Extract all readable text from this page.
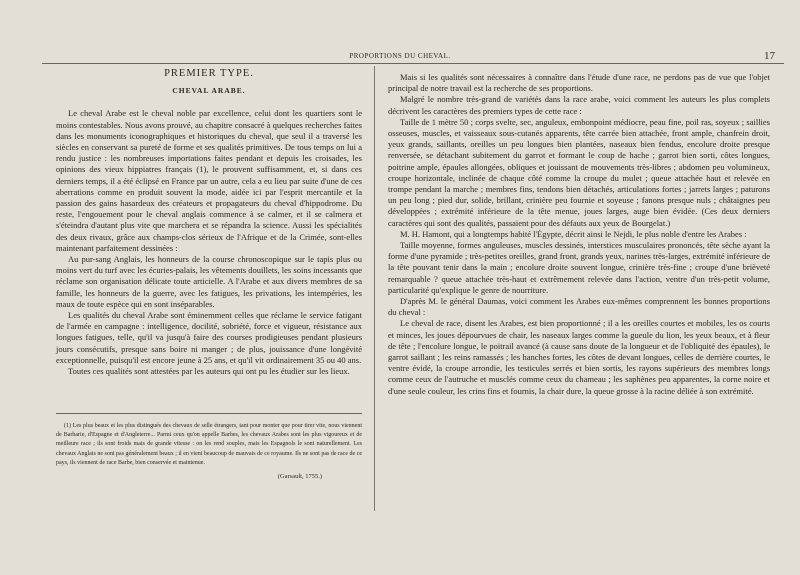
PROPORTIONS DU CHEVAL.	17
PREMIER TYPE.
CHEVAL ARABE.

Le cheval Arabe est le cheval noble par excellence, celui dont les quartiers sont le moins contestables. Nous avons prouvé, au chapitre consacré à quelques recherches faites dans les monuments iconographiques et historiques du cheval, que seul il a traversé les siècles en conservant sa pureté de forme et ses qualités primitives. De tous temps on lui a rendu justice : les nombreuses importations faites pendant et depuis les croisades, les opinions des vieux hippiatres français (1), le prouvent suffisamment, et, si dans ces derniers temps, il a été éclipsé en France par un autre, cela a eu lieu par suite d'une de ces aberrations comme en produit souvent la mode, aidée ici par l'esprit mercantile et la passion des gains hasardeux des créateurs et propagateurs du cheval d'hippodrome. Du reste, l'engouement pour le cheval anglais commence à se calmer, et il se calmera et s'éteindra d'autant plus vite que marchera et se répandra la science. Aussi les spécialités des deux rivaux, grâce aux champs-clos sérieux de l'Afrique et de la Crimée, sont-elles maintenant parfaitement dessinées :

Au pur-sang Anglais, les honneurs de la course chronoscopique sur le tapis plus ou moins vert du turf avec les écuries-palais, les vêtements douillets, les soins incessants que réclame son organisation délicate toute articielle. A l'Arabe et aux divers membres de sa famille, les honneurs de la guerre, avec les fatigues, les privations, les intempéries, les maux de toute espèce qui en sont inséparables.

Les qualités du cheval Arabe sont éminemment celles que réclame le service fatigant de l'armée en campagne : intelligence, docilité, sobriété, force et vigueur, résistance aux longues fatigues, telle, qu'il va jusqu'à faire des courses prodigieuses pendant plusieurs jours consécutifs, presque sans boire ni manger ; de plus, jouissance d'une longévité exceptionnelle, puisqu'il est encore jeune à 25 ans, et qu'il vit ordinairement 35 ou 40 ans.

Toutes ces qualités sont attestées par les auteurs qui ont pu les étudier sur les lieux.

(1) Les plus beaux et les plus distingués des chevaux de selle étrangers, tant pour monter que pour tirer vite, nous viennent de Barbarie, d'Espagne et d'Angleterre... Parmi ceux qu'on appelle Barbes, les chevaux Arabes sont les plus vigoureux et de meilleure race ; ils sont froids mais de grande vitesse : on les rend souples, mais les Espagnols le sont naturellement. Les chevaux Anglais ne sont pas généralement beaux ; il en vient beaucoup de mauvais de ce royaume. Ils ne sont pas de race de ce pays, ils viennent de race Barbe, bien conservée et maintenue.

(Garsault, 1755.)

Mais si les qualités sont nécessaires à connaître dans l'étude d'une race, ne perdons pas de vue que l'objet principal de notre travail est la recherche de ses proportions.

Malgré le nombre très-grand de variétés dans la race arabe, voici comment les auteurs les plus complets décrivent les caractères des premiers types de cette race :

Taille de 1 mètre 50 ; corps svelte, sec, anguleux, embonpoint médiocre, peau fine, poil ras, soyeux ; saillies osseuses, muscles, et vaisseaux sous-cutanés apparents, tête carrée bien attachée, front ample, chanfrein droit, yeux grands, saillants, oreilles un peu longues bien plantées, naseaux bien fendus, encolure droite presque renversée, se détachant subitement du garrot et formant le coup de hache ; garrot bien sorti, côtes longues, poitrine ample, épaules allongées, obliques et jouissant de mouvements très-libres ; abdomen peu volumineux, croupe horizontale, inclinée de chaque côté comme la croupe du mulet ; queue attachée haut et relevée en trompe pendant la marche ; membres fins, tendons bien détachés, articulations fortes ; jarrets larges ; paturons un peu long ; pied dur, solide, brillant, crinière peu fournie et soyeuse ; fanons presque nuls ; châtaignes peu développées ; extrémité inférieure de la tête menue, joues larges, auge bien évidée. (Ces deux derniers caractères qui sont des qualités, passaient pour des défauts aux yeux de Bourgelat.)

M. H. Hamont, qui a longtemps habité l'Égypte, décrit ainsi le Nejdi, le plus noble d'entre les Arabes :

Taille moyenne, formes anguleuses, muscles dessinés, interstices musculaires prononcés, tête sèche ayant la forme d'une pyramide ; très-petites oreilles, grand front, grands yeux, narines très-larges, extrémité inférieure de la tête pouvant tenir dans la main ; encolure droite souvent longue, crinière très-fine ; croupe d'une brièveté remarquable ? queue attachée très-haut et extrêmement relevée dans l'action, ventre d'un très-petit volume, particularité qu'explique le genre de nourriture.

D'après M. le général Daumas, voici comment les Arabes eux-mêmes comprennent les bonnes proportions du cheval :

Le cheval de race, disent les Arabes, est bien proportionné ; il a les oreilles courtes et mobiles, les os courts et minces, les joues dépourvues de chair, les naseaux larges comme la gueule du lion, les yeux beaux, et à fleur de tête ; l'encolure longue, le poitrail avancé (à cause sans doute de la longueur et de l'obliquité des épaules), le garrot saillant ; les reins ramassés ; les hanches fortes, les côtes de devant longues, celles de derrière courtes, le ventre évidé, la croupe arrondie, les testicules serrés et bien sortis, les rayons supérieurs des membres longs comme ceux de l'autruche et musclés comme ceux du chameau ; les saphènes peu apparentes, la corne noire et d'une seule couleur, les crins fins et fournis, la chair dure, la queue grosse à la racine déliée à son extrémité.
